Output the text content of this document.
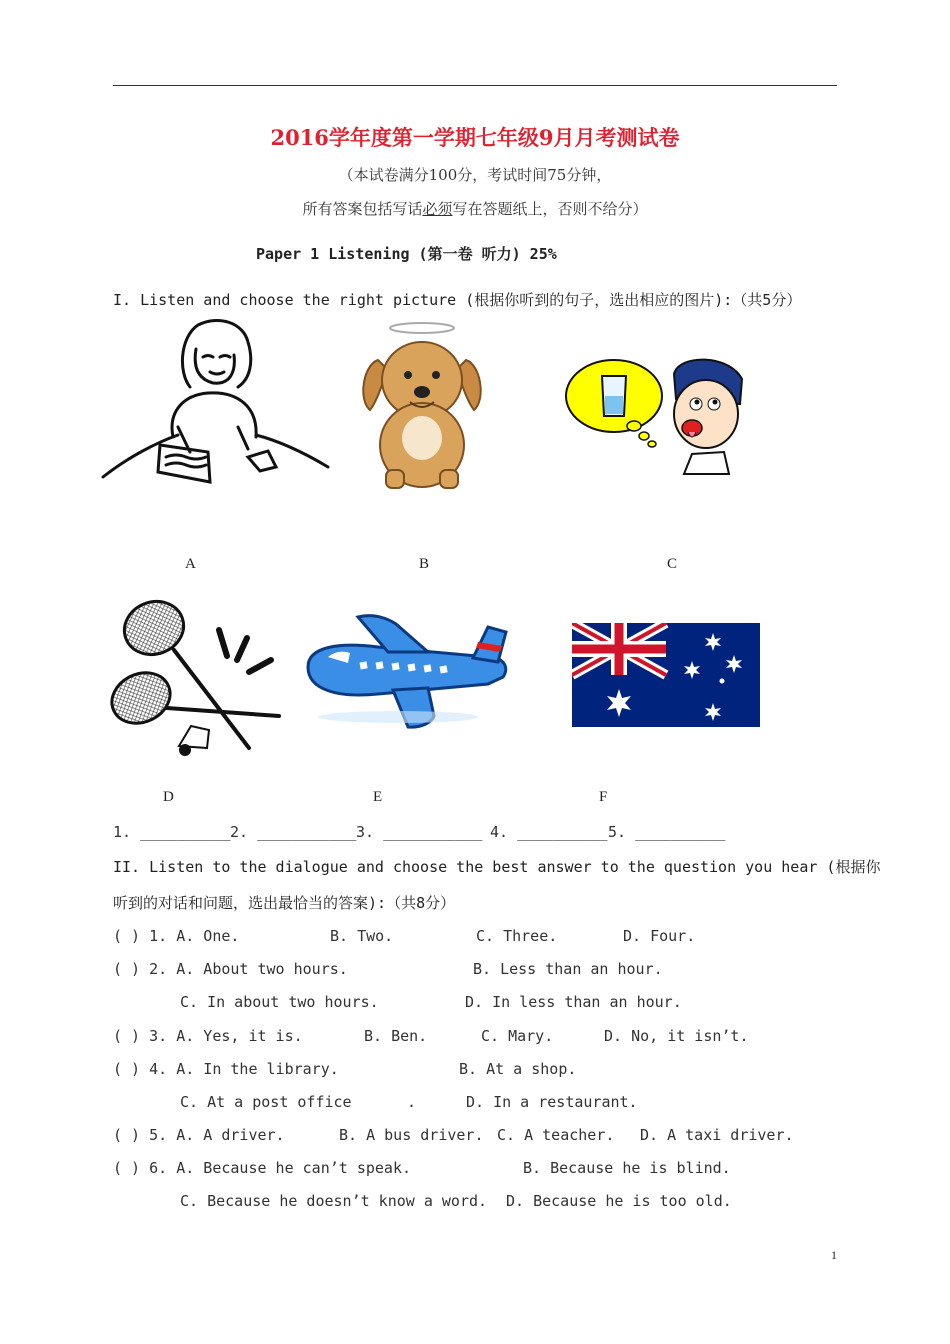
2016学年度第一学期七年级9月月考测试卷
（本试卷满分100分，考试时间75分钟，
所有答案包括写话必须写在答题纸上，否则不给分）
Paper 1 Listening (第一卷 听力) 25%
I. Listen and choose the right picture (根据你听到的句子，选出相应的图片):（共5分）
A	B	C
D	E	F
1. __________ 2. ___________ 3. ___________ 4. __________ 5. __________
II. Listen to the dialogue and choose the best answer to the question you hear (根据你
听到的对话和问题，选出最恰当的答案):（共8分）
( ) 1. A. One.	B. Two.	C. Three.	D. Four.
( ) 2. A. About two hours.	B. Less than an hour.
C. In about two hours.	D. In less than an hour.
( ) 3. A. Yes, it is.	B. Ben.	C. Mary.	D. No, it isn’t.
( ) 4. A. In the library.	B. At a shop.
C. At a post office	.	D. In a restaurant.
( ) 5. A. A driver.	B. A bus driver. C. A teacher. D. A taxi driver.
( ) 6. A. Because he can’t speak.	B. Because he is blind.
C. Because he doesn’t know a word. D. Because he is too old.
1
